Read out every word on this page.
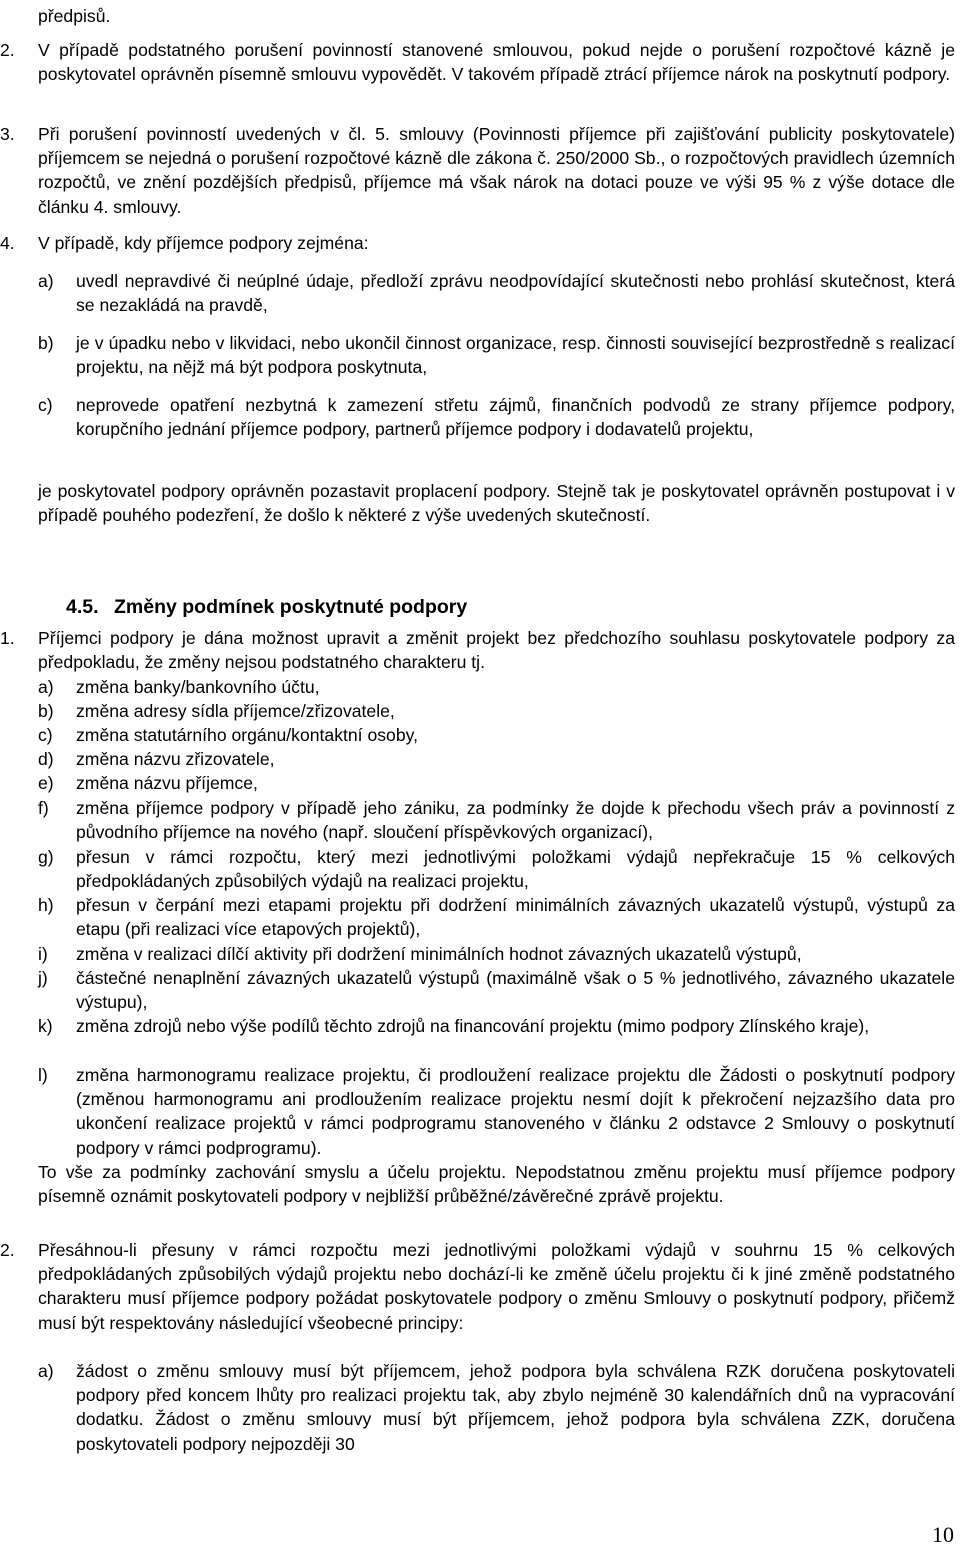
předpisů.
2.	V případě podstatného porušení povinností stanovené smlouvou, pokud nejde o porušení rozpočtové kázně je poskytovatel oprávněn písemně smlouvu vypovědět. V takovém případě ztrácí příjemce nárok na poskytnutí podpory.
3.	Při porušení povinností uvedených v čl. 5. smlouvy (Povinnosti příjemce při zajišťování publicity poskytovatele) příjemcem se nejedná o porušení rozpočtové kázně dle zákona č. 250/2000 Sb., o rozpočtových pravidlech územních rozpočtů, ve znění pozdějších předpisů, příjemce má však nárok na dotaci pouze ve výši 95 % z výše dotace dle článku 4. smlouvy.
4.	V případě, kdy příjemce podpory zejména:
a)	uvedl nepravdivé či neúplné údaje, předloží zprávu neodpovídající skutečnosti nebo prohlásí skutečnost, která se nezakládá na pravdě,
b)	je v úpadku nebo v likvidaci, nebo ukončil činnost organizace, resp. činnosti související bezprostředně s realizací projektu, na nějž má být podpora poskytnuta,
c)	neprovede opatření nezbytná k zamezení střetu zájmů, finančních podvodů ze strany příjemce podpory, korupčního jednání příjemce podpory, partnerů příjemce podpory i dodavatelů projektu,
je poskytovatel podpory oprávněn pozastavit proplacení podpory. Stejně tak je poskytovatel oprávněn postupovat i v případě pouhého podezření, že došlo k některé z výše uvedených skutečností.
4.5. Změny podmínek poskytnuté podpory
1.	Příjemci podpory je dána možnost upravit a změnit projekt bez předchozího souhlasu poskytovatele podpory za předpokladu, že změny nejsou podstatného charakteru tj.
a)	změna banky/bankovního účtu,
b)	změna adresy sídla příjemce/zřizovatele,
c)	změna statutárního orgánu/kontaktní osoby,
d)	změna názvu zřizovatele,
e)	změna názvu příjemce,
f)	změna příjemce podpory v případě jeho zániku, za podmínky že dojde k přechodu všech práv a povinností z původního příjemce na nového (např. sloučení příspěvkových organizací),
g)	přesun v rámci rozpočtu, který mezi jednotlivými položkami výdajů nepřekračuje 15 % celkových předpokládaných způsobilých výdajů na realizaci projektu,
h)	přesun v čerpání mezi etapami projektu při dodržení minimálních závazných ukazatelů výstupů, výstupů za etapu (při realizaci více etapových projektů),
i)	změna v realizaci dílčí aktivity při dodržení minimálních hodnot závazných ukazatelů výstupů,
j)	částečné nenaplnění závazných ukazatelů výstupů (maximálně však o 5 % jednotlivého, závazného ukazatele výstupu),
k)	změna zdrojů nebo výše podílů těchto zdrojů na financování projektu (mimo podpory Zlínského kraje),
l)	změna harmonogramu realizace projektu, či prodloužení realizace projektu dle Žádosti o poskytnutí podpory (změnou harmonogramu ani prodloužením realizace projektu nesmí dojít k překročení nejzazšího data pro ukončení realizace projektů v rámci podprogramu stanoveného v článku 2 odstavce 2 Smlouvy o poskytnutí podpory v rámci podprogramu).
To vše za podmínky zachování smyslu a účelu projektu. Nepodstatnou změnu projektu musí příjemce podpory písemně oznámit poskytovateli podpory v nejbližší průběžné/závěrečné zprávě projektu.
2.	Přesáhnou-li přesuny v rámci rozpočtu mezi jednotlivými položkami výdajů v souhrnu 15 % celkových předpokládaných způsobilých výdajů projektu nebo dochází-li ke změně účelu projektu či k jiné změně podstatného charakteru musí příjemce podpory požádat poskytovatele podpory o změnu Smlouvy o poskytnutí podpory, přičemž musí být respektovány následující všeobecné principy:
a)	žádost o změnu smlouvy musí být příjemcem, jehož podpora byla schválena RZK doručena poskytovateli podpory před koncem lhůty pro realizaci projektu tak, aby zbylo nejméně 30 kalendářních dnů na vypracování dodatku. Žádost o změnu smlouvy musí být příjemcem, jehož podpora byla schválena ZZK, doručena poskytovateli podpory nejpozději 30
10
